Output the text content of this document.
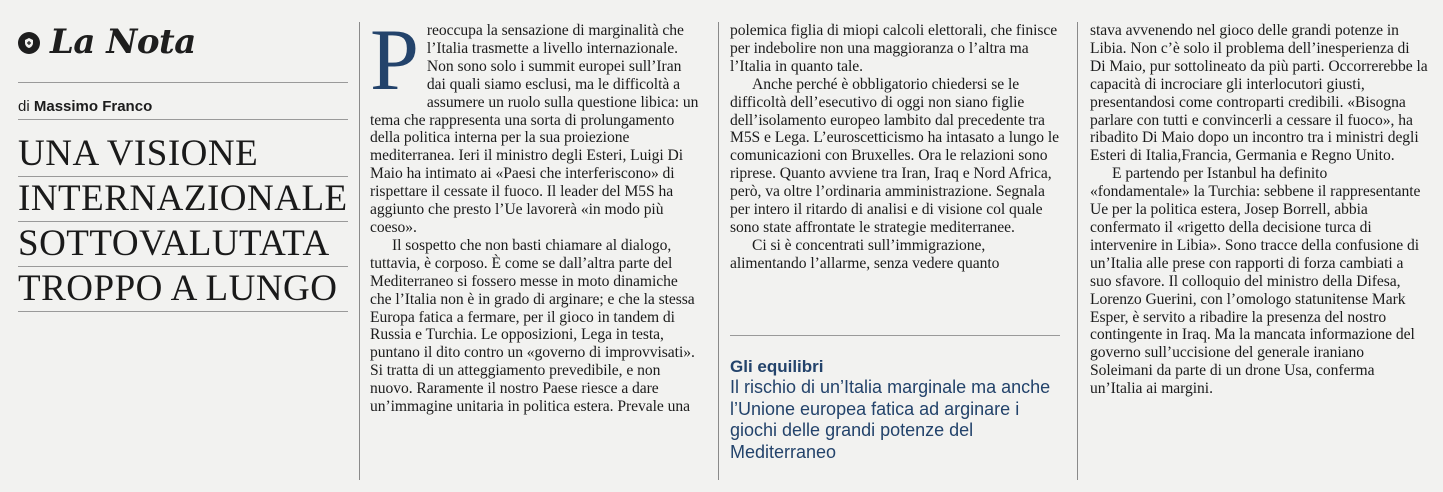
La Nota
di Massimo Franco
UNA VISIONE
INTERNAZIONALE
SOTTOVALUTATA
TROPPO A LUNGO

Preoccupa la sensazione di marginalità che l’Italia trasmette a livello internazionale. Non sono solo i summit europei sull’Iran dai quali siamo esclusi, ma le difficoltà a assumere un ruolo sulla questione libica: un tema che rappresenta una sorta di prolungamento della politica interna per la sua proiezione mediterranea. Ieri il ministro degli Esteri, Luigi Di Maio ha intimato ai «Paesi che interferiscono» di rispettare il cessate il fuoco. Il leader del M5S ha aggiunto che presto l’Ue lavorerà «in modo più coeso».

Il sospetto che non basti chiamare al dialogo, tuttavia, è corposo. È come se dall’altra parte del Mediterraneo si fossero messe in moto dinamiche che l’Italia non è in grado di arginare; e che la stessa Europa fatica a fermare, per il gioco in tandem di Russia e Turchia. Le opposizioni, Lega in testa, puntano il dito contro un «governo di improvvisati». Si tratta di un atteggiamento prevedibile, e non nuovo. Raramente il nostro Paese riesce a dare un’immagine unitaria in politica estera. Prevale una

polemica figlia di miopi calcoli elettorali, che finisce per indebolire non una maggioranza o l’altra ma l’Italia in quanto tale.

Anche perché è obbligatorio chiedersi se le difficoltà dell’esecutivo di oggi non siano figlie dell’isolamento europeo lambito dal precedente tra M5S e Lega. L’euroscetticismo ha intasato a lungo le comunicazioni con Bruxelles. Ora le relazioni sono riprese. Quanto avviene tra Iran, Iraq e Nord Africa, però, va oltre l’ordinaria amministrazione. Segnala per intero il ritardo di analisi e di visione col quale sono state affrontate le strategie mediterranee.

Ci si è concentrati sull’immigrazione, alimentando l’allarme, senza vedere quanto

Gli equilibri
Il rischio di un’Italia marginale ma anche l’Unione europea fatica ad arginare i giochi delle grandi potenze del Mediterraneo

stava avvenendo nel gioco delle grandi potenze in Libia. Non c’è solo il problema dell’inesperienza di Di Maio, pur sottolineato da più parti. Occorrerebbe la capacità di incrociare gli interlocutori giusti, presentandosi come controparti credibili. «Bisogna parlare con tutti e convincerli a cessare il fuoco», ha ribadito Di Maio dopo un incontro tra i ministri degli Esteri di Italia,Francia, Germania e Regno Unito.

E partendo per Istanbul ha definito «fondamentale» la Turchia: sebbene il rappresentante Ue per la politica estera, Josep Borrell, abbia confermato il «rigetto della decisione turca di intervenire in Libia». Sono tracce della confusione di un’Italia alle prese con rapporti di forza cambiati a suo sfavore. Il colloquio del ministro della Difesa, Lorenzo Guerini, con l’omologo statunitense Mark Esper, è servito a ribadire la presenza del nostro contingente in Iraq. Ma la mancata informazione del governo sull’uccisione del generale iraniano Soleimani da parte di un drone Usa, conferma un’Italia ai margini.
